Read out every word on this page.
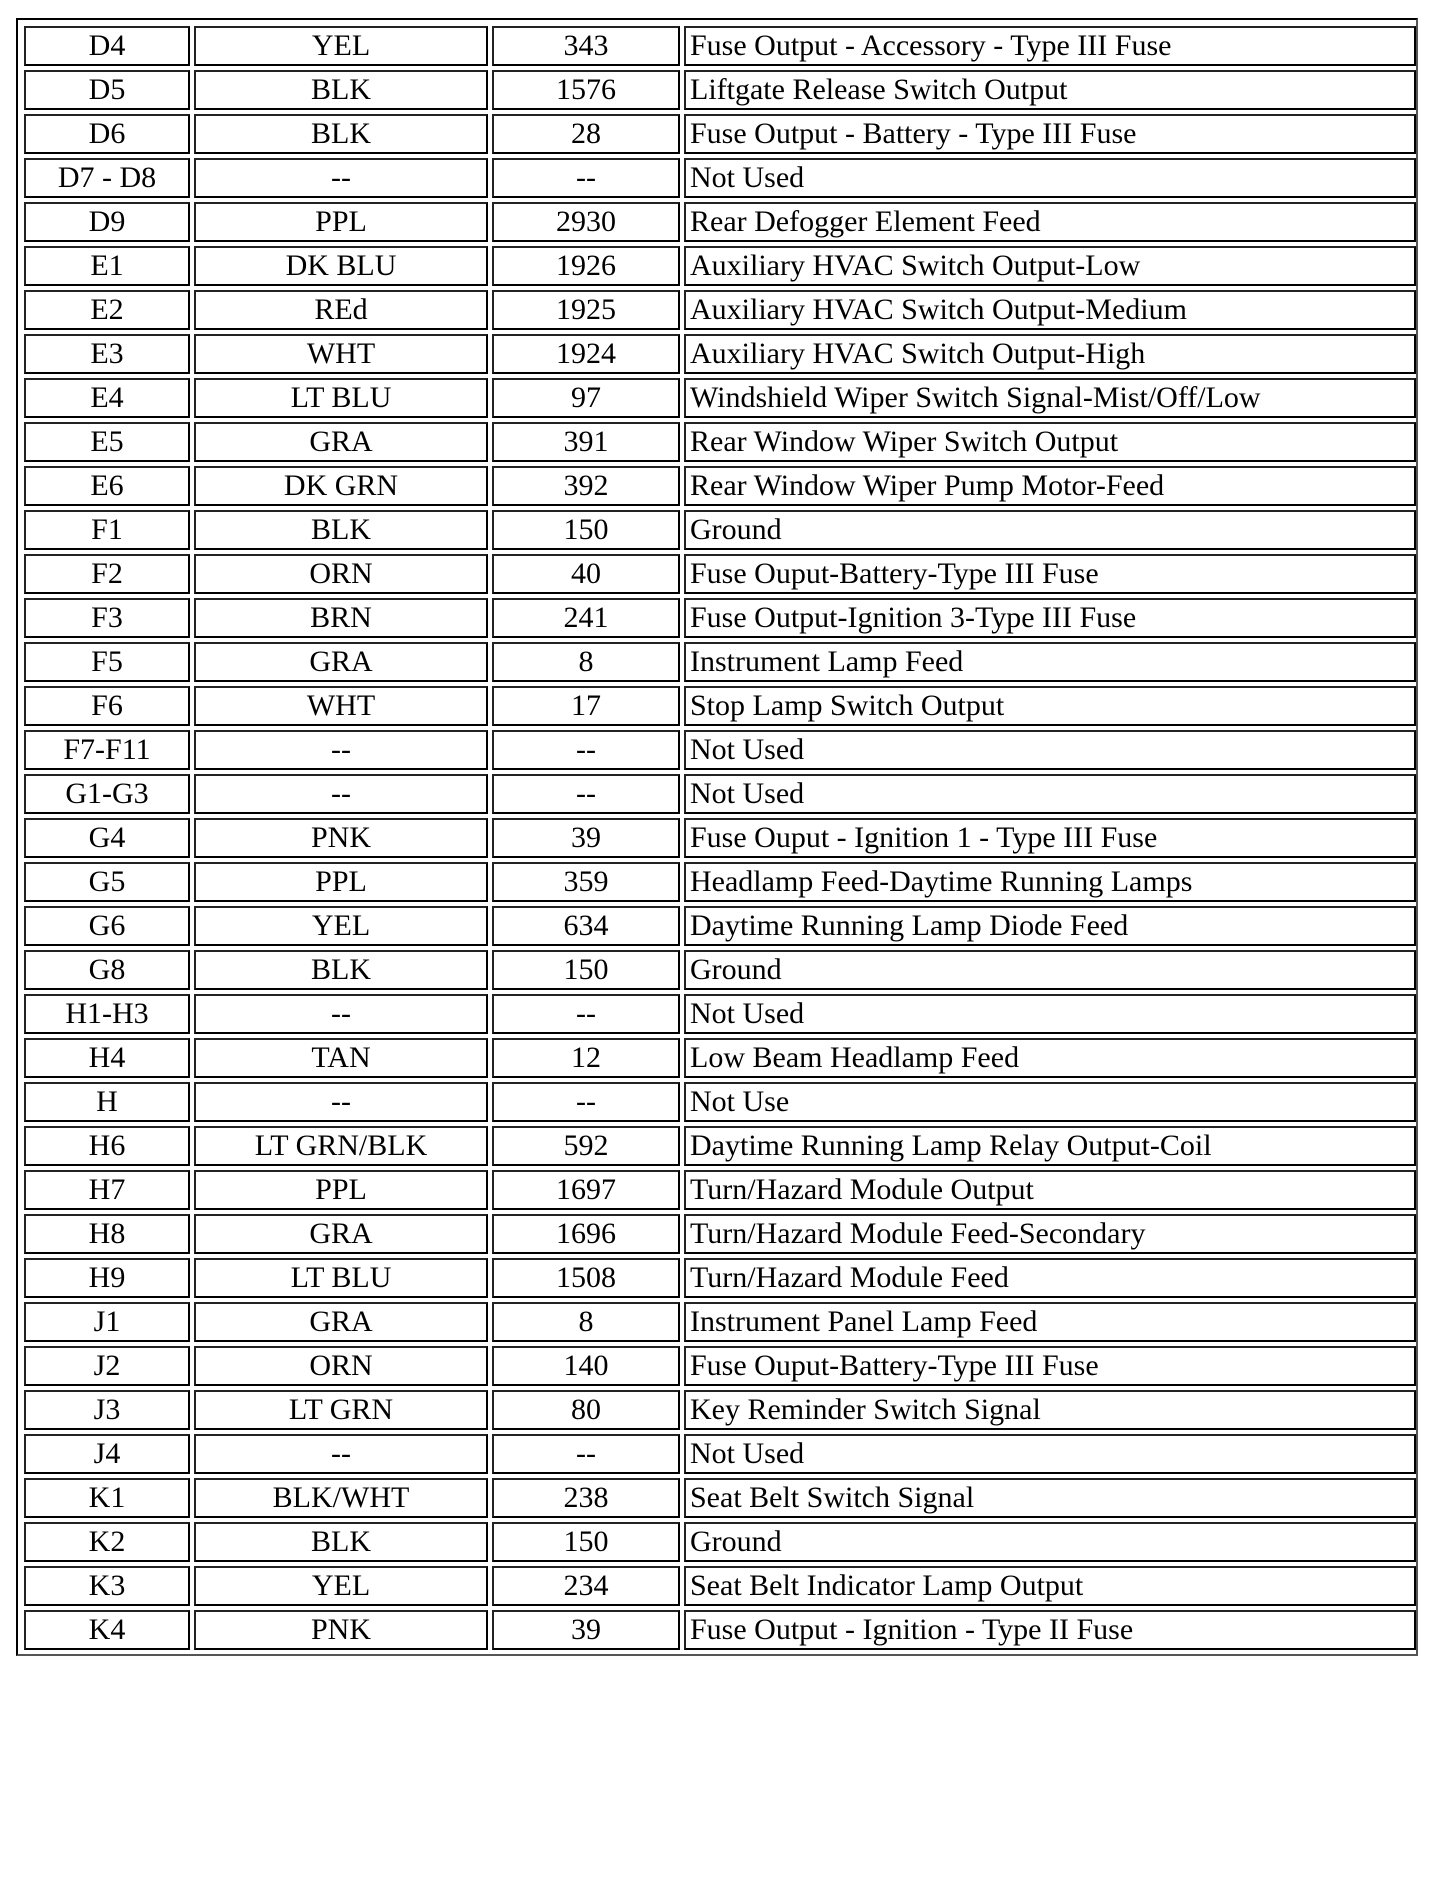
D4	YEL	343	Fuse Output - Accessory - Type III Fuse
D5	BLK	1576	Liftgate Release Switch Output
D6	BLK	28	Fuse Output - Battery - Type III Fuse
D7 - D8	--	--	Not Used
D9	PPL	2930	Rear Defogger Element Feed
E1	DK BLU	1926	Auxiliary HVAC Switch Output-Low
E2	REd	1925	Auxiliary HVAC Switch Output-Medium
E3	WHT	1924	Auxiliary HVAC Switch Output-High
E4	LT BLU	97	Windshield Wiper Switch Signal-Mist/Off/Low
E5	GRA	391	Rear Window Wiper Switch Output
E6	DK GRN	392	Rear Window Wiper Pump Motor-Feed
F1	BLK	150	Ground
F2	ORN	40	Fuse Ouput-Battery-Type III Fuse
F3	BRN	241	Fuse Output-Ignition 3-Type III Fuse
F5	GRA	8	Instrument Lamp Feed
F6	WHT	17	Stop Lamp Switch Output
F7-F11	--	--	Not Used
G1-G3	--	--	Not Used
G4	PNK	39	Fuse Ouput - Ignition 1 - Type III Fuse
G5	PPL	359	Headlamp Feed-Daytime Running Lamps
G6	YEL	634	Daytime Running Lamp Diode Feed
G8	BLK	150	Ground
H1-H3	--	--	Not Used
H4	TAN	12	Low Beam Headlamp Feed
H	--	--	Not Use
H6	LT GRN/BLK	592	Daytime Running Lamp Relay Output-Coil
H7	PPL	1697	Turn/Hazard Module Output
H8	GRA	1696	Turn/Hazard Module Feed-Secondary
H9	LT BLU	1508	Turn/Hazard Module Feed
J1	GRA	8	Instrument Panel Lamp Feed
J2	ORN	140	Fuse Ouput-Battery-Type III Fuse
J3	LT GRN	80	Key Reminder Switch Signal
J4	--	--	Not Used
K1	BLK/WHT	238	Seat Belt Switch Signal
K2	BLK	150	Ground
K3	YEL	234	Seat Belt Indicator Lamp Output
K4	PNK	39	Fuse Output - Ignition - Type II Fuse
